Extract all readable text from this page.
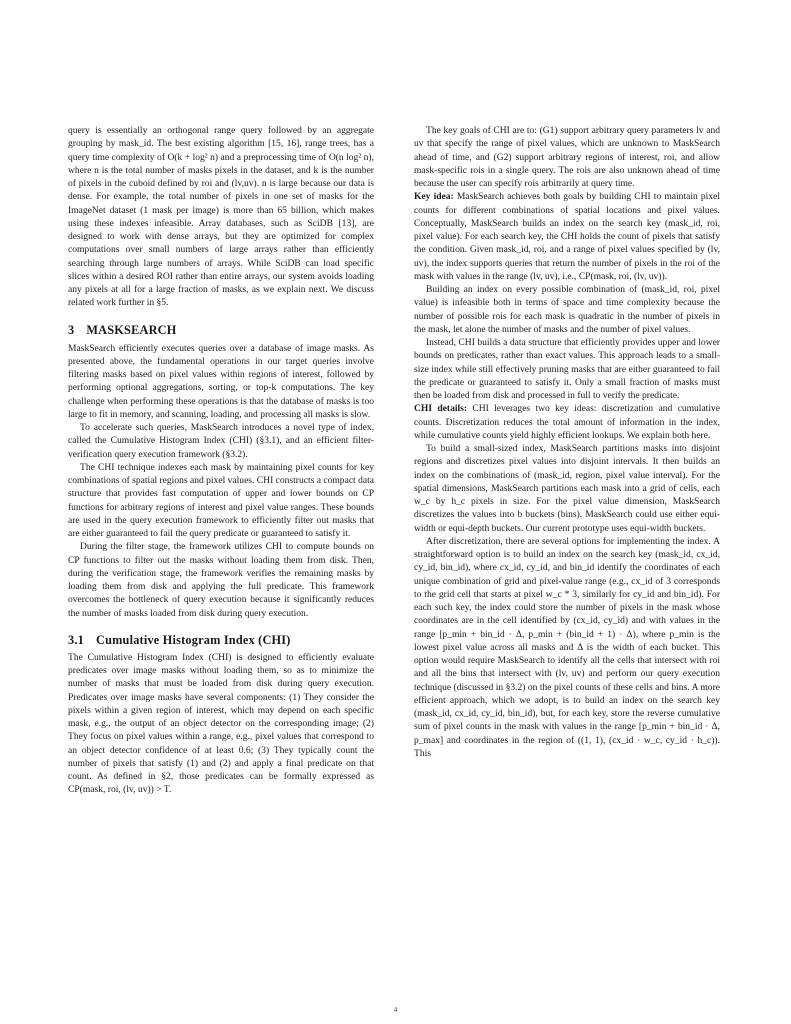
query is essentially an orthogonal range query followed by an aggregate grouping by mask_id. The best existing algorithm [15, 16], range trees, has a query time complexity of O(k + log² n) and a preprocessing time of O(n log² n), where n is the total number of masks pixels in the dataset, and k is the number of pixels in the cuboid defined by roi and (lv,uv). n is large because our data is dense. For example, the total number of pixels in one set of masks for the ImageNet dataset (1 mask per image) is more than 65 billion, which makes using these indexes infeasible. Array databases, such as SciDB [13], are designed to work with dense arrays, but they are optimized for complex computations over small numbers of large arrays rather than efficiently searching through large numbers of arrays. While SciDB can load specific slices within a desired ROI rather than entire arrays, our system avoids loading any pixels at all for a large fraction of masks, as we explain next. We discuss related work further in §5.

3 MASKSEARCH

MaskSearch efficiently executes queries over a database of image masks. As presented above, the fundamental operations in our target queries involve filtering masks based on pixel values within regions of interest, followed by performing optional aggregations, sorting, or top-k computations. The key challenge when performing these operations is that the database of masks is too large to fit in memory, and scanning, loading, and processing all masks is slow.

To accelerate such queries, MaskSearch introduces a novel type of index, called the Cumulative Histogram Index (CHI) (§3.1), and an efficient filter-verification query execution framework (§3.2).

The CHI technique indexes each mask by maintaining pixel counts for key combinations of spatial regions and pixel values. CHI constructs a compact data structure that provides fast computation of upper and lower bounds on CP functions for arbitrary regions of interest and pixel value ranges. These bounds are used in the query execution framework to efficiently filter out masks that are either guaranteed to fail the query predicate or guaranteed to satisfy it.

During the filter stage, the framework utilizes CHI to compute bounds on CP functions to filter out the masks without loading them from disk. Then, during the verification stage, the framework verifies the remaining masks by loading them from disk and applying the full predicate. This framework overcomes the bottleneck of query execution because it significantly reduces the number of masks loaded from disk during query execution.

3.1 Cumulative Histogram Index (CHI)

The Cumulative Histogram Index (CHI) is designed to efficiently evaluate predicates over image masks without loading them, so as to minimize the number of masks that must be loaded from disk during query execution. Predicates over image masks have several components: (1) They consider the pixels within a given region of interest, which may depend on each specific mask, e.g., the output of an object detector on the corresponding image; (2) They focus on pixel values within a range, e.g., pixel values that correspond to an object detector confidence of at least 0.6; (3) They typically count the number of pixels that satisfy (1) and (2) and apply a final predicate on that count. As defined in §2, those predicates can be formally expressed as CP(mask, roi, (lv, uv)) > T.

The key goals of CHI are to: (G1) support arbitrary query parameters lv and uv that specify the range of pixel values, which are unknown to MaskSearch ahead of time, and (G2) support arbitrary regions of interest, roi, and allow mask-specific rois in a single query. The rois are also unknown ahead of time because the user can specify rois arbitrarily at query time.

Key idea: MaskSearch achieves both goals by building CHI to maintain pixel counts for different combinations of spatial locations and pixel values. Conceptually, MaskSearch builds an index on the search key (mask_id, roi, pixel value). For each search key, the CHI holds the count of pixels that satisfy the condition. Given mask_id, roi, and a range of pixel values specified by (lv, uv), the index supports queries that return the number of pixels in the roi of the mask with values in the range (lv, uv), i.e., CP(mask, roi, (lv, uv)).

Building an index on every possible combination of (mask_id, roi, pixel value) is infeasible both in terms of space and time complexity because the number of possible rois for each mask is quadratic in the number of pixels in the mask, let alone the number of masks and the number of pixel values.

Instead, CHI builds a data structure that efficiently provides upper and lower bounds on predicates, rather than exact values. This approach leads to a small-size index while still effectively pruning masks that are either guaranteed to fail the predicate or guaranteed to satisfy it. Only a small fraction of masks must then be loaded from disk and processed in full to verify the predicate.

CHI details: CHI leverages two key ideas: discretization and cumulative counts. Discretization reduces the total amount of information in the index, while cumulative counts yield highly efficient lookups. We explain both here.

To build a small-sized index, MaskSearch partitions masks into disjoint regions and discretizes pixel values into disjoint intervals. It then builds an index on the combinations of (mask_id, region, pixel value interval). For the spatial dimensions, MaskSearch partitions each mask into a grid of cells, each w_c by h_c pixels in size. For the pixel value dimension, MaskSearch discretizes the values into b buckets (bins). MaskSearch could use either equi-width or equi-depth buckets. Our current prototype uses equi-width buckets.

After discretization, there are several options for implementing the index. A straightforward option is to build an index on the search key (mask_id, cx_id, cy_id, bin_id), where cx_id, cy_id, and bin_id identify the coordinates of each unique combination of grid and pixel-value range (e.g., cx_id of 3 corresponds to the grid cell that starts at pixel w_c * 3, similarly for cy_id and bin_id). For each such key, the index could store the number of pixels in the mask whose coordinates are in the cell identified by (cx_id, cy_id) and with values in the range [p_min + bin_id · Δ, p_min + (bin_id + 1) · Δ), where p_min is the lowest pixel value across all masks and Δ is the width of each bucket. This option would require MaskSearch to identify all the cells that intersect with roi and all the bins that intersect with (lv, uv) and perform our query execution technique (discussed in §3.2) on the pixel counts of these cells and bins. A more efficient approach, which we adopt, is to build an index on the search key (mask_id, cx_id, cy_id, bin_id), but, for each key, store the reverse cumulative sum of pixel counts in the mask with values in the range [p_min + bin_id · Δ, p_max] and coordinates in the region of ((1, 1), (cx_id · w_c, cy_id · h_c)). This

4
